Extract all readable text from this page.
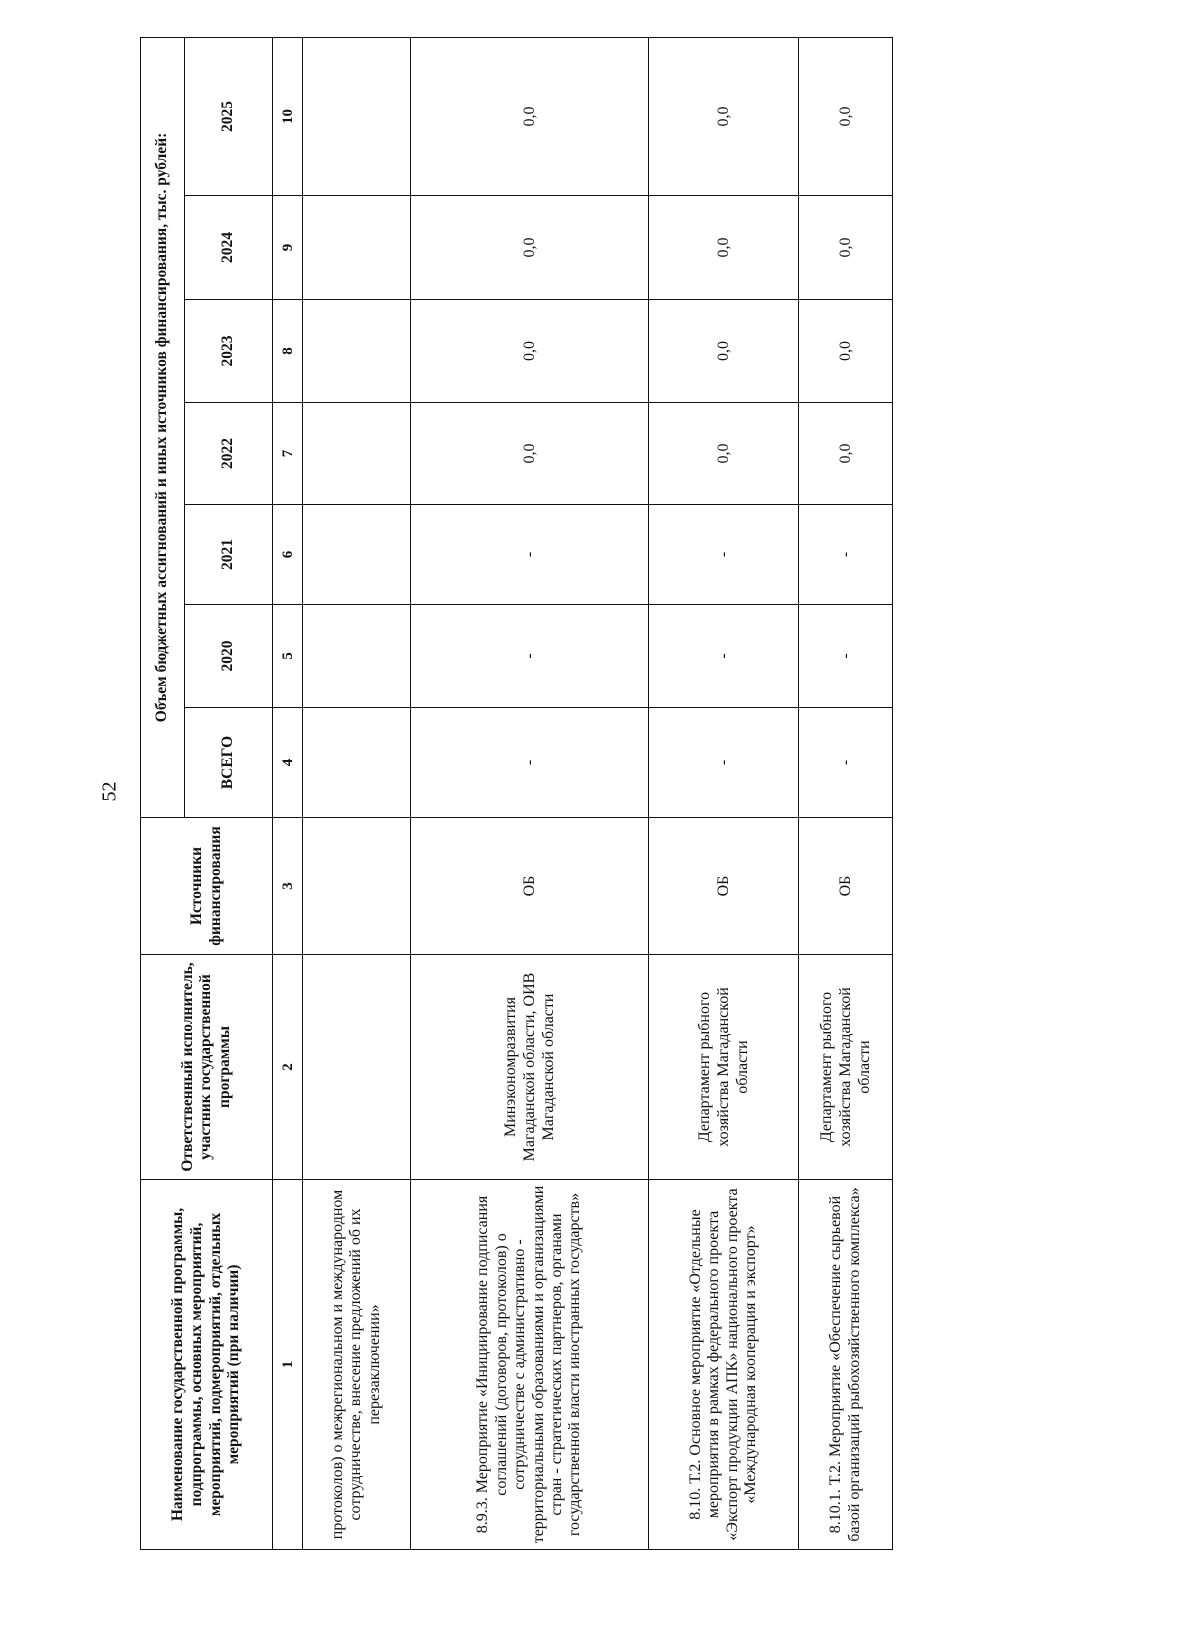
52
Наименование государственной программы, подпрограммы, основных мероприятий, мероприятий, подмероприятий, отдельных мероприятий (при наличии)	Ответственный исполнитель, участник государственной программы	Источники финансирования	Объем бюджетных ассигнований и иных источников финансирования, тыс. рублей:						
			ВСЕГО	2020	2021	2022	2023	2024	2025
1	2	3	4	5	6	7	8	9	10
протоколов) о межрегиональном и международном сотрудничестве, внесение предложений об их перезаключении»									
8.9.3. Мероприятие «Инициирование подписания соглашений (договоров, протоколов) о сотрудничестве с административно - территориальными образованиями и организациями стран - стратегических партнеров, органами государственной власти иностранных государств»	Минэкономразвития Магаданской области, ОИВ Магаданской области	ОБ	-	-	-	0,0	0,0	0,0	0,0
8.10. Т.2. Основное мероприятие «Отдельные мероприятия в рамках федерального проекта «Экспорт продукции АПК» национального проекта «Международная кооперация и экспорт»	Департамент рыбного хозяйства Магаданской области	ОБ	-	-	-	0,0	0,0	0,0	0,0
8.10.1. Т.2. Мероприятие «Обеспечение сырьевой базой организаций рыбохозяйственного комплекса»	Департамент рыбного хозяйства Магаданской области	ОБ	-	-	-	0,0	0,0	0,0	0,0
